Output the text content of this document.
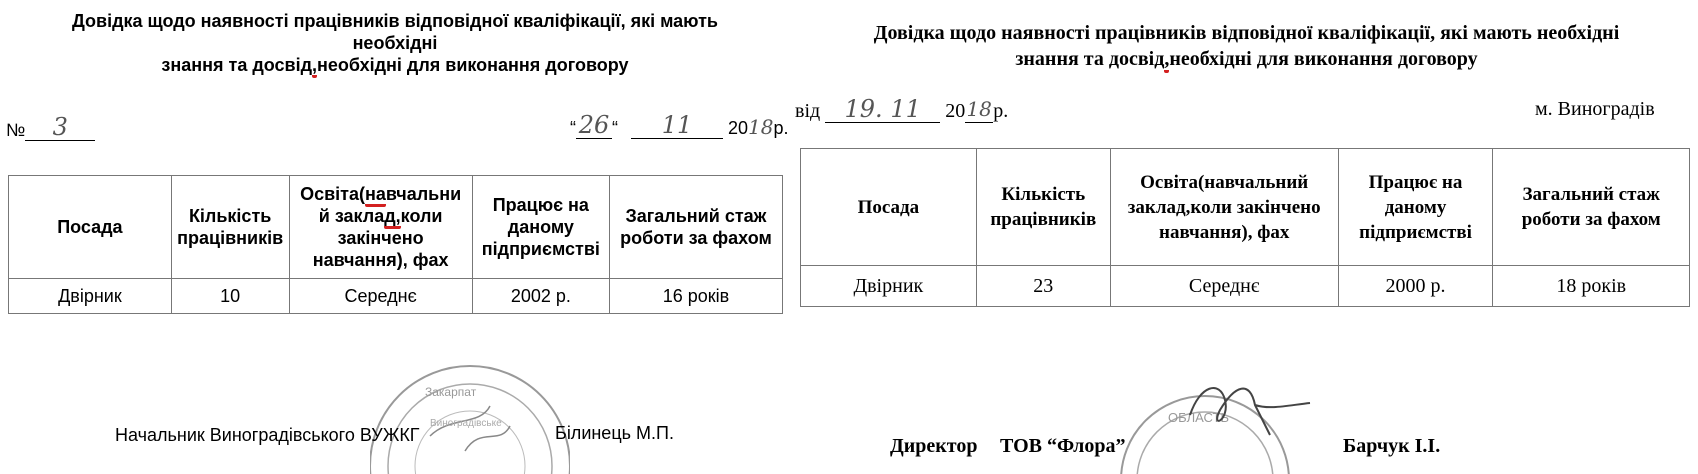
Довідка щодо наявності працівників відповідної кваліфікації, які мають
необхідні
знання та досвід,необхідні для виконання договору
№ 3	“ 26 “ 11 2018р.
Посада	Кількість працівників	Освіта(навчальни й заклад,коли закінчено навчання), фах	Працює на даному підприємстві	Загальний стаж роботи за фахом
Двірник	10	Середнє	2002 р.	16 років
Закарпат
Виноградівське
Начальник Виноградівського ВУЖКГ	Білинець М.П.
Довідка щодо наявності працівників відповідної кваліфікації, які мають необхідні
знання та досвід,необхідні для виконання договору
від 19. 11 2018р.	м. Виноградів
Посада	Кількість працівників	Освіта(навчальний заклад,коли закінчено навчання), фах	Працює на даному підприємстві	Загальний стаж роботи за фахом
Двірник	23	Середнє	2000 р.	18 років
ОБЛАСТЬ
Директор ТОВ “Флора”	Барчук І.І.
